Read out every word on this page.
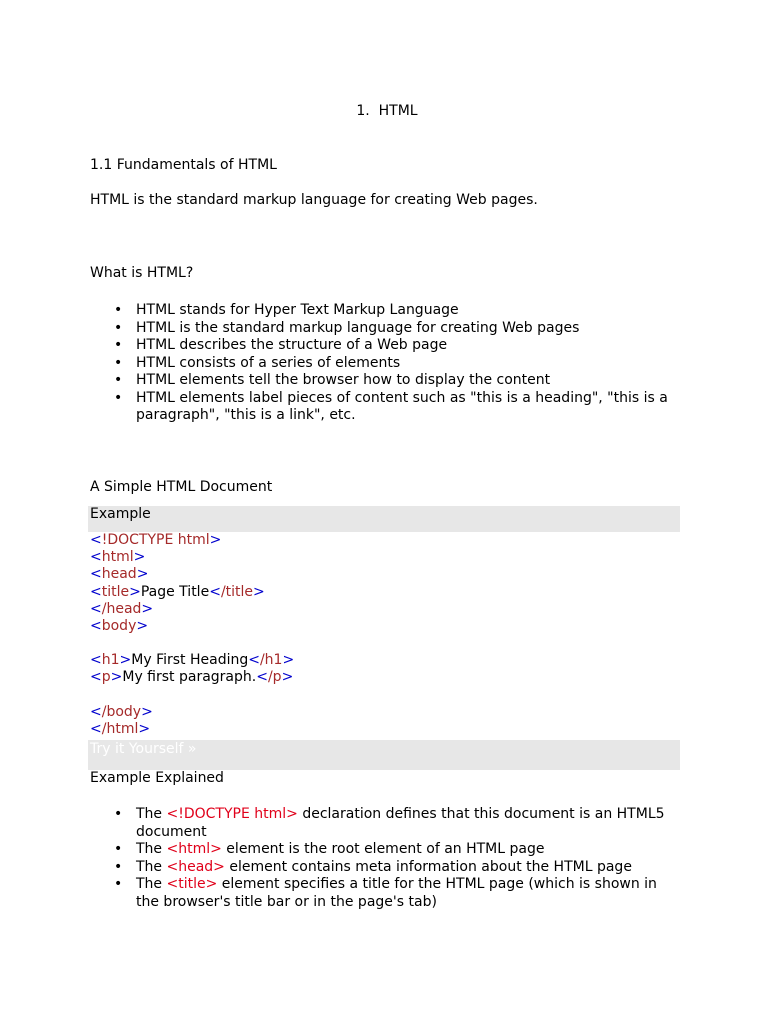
1. HTML
1.1 Fundamentals of HTML
HTML is the standard markup language for creating Web pages.
What is HTML?
• HTML stands for Hyper Text Markup Language
• HTML is the standard markup language for creating Web pages
• HTML describes the structure of a Web page
• HTML consists of a series of elements
• HTML elements tell the browser how to display the content
• HTML elements label pieces of content such as "this is a heading", "this is a paragraph", "this is a link", etc.
A Simple HTML Document
Example
<!DOCTYPE html>
<html>
<head>
<title>Page Title</title>
</head>
<body>
<h1>My First Heading</h1>
<p>My first paragraph.</p>
</body>
</html>
Try it Yourself »
Example Explained
• The <!DOCTYPE html> declaration defines that this document is an HTML5 document
• The <html> element is the root element of an HTML page
• The <head> element contains meta information about the HTML page
• The <title> element specifies a title for the HTML page (which is shown in the browser's title bar or in the page's tab)
